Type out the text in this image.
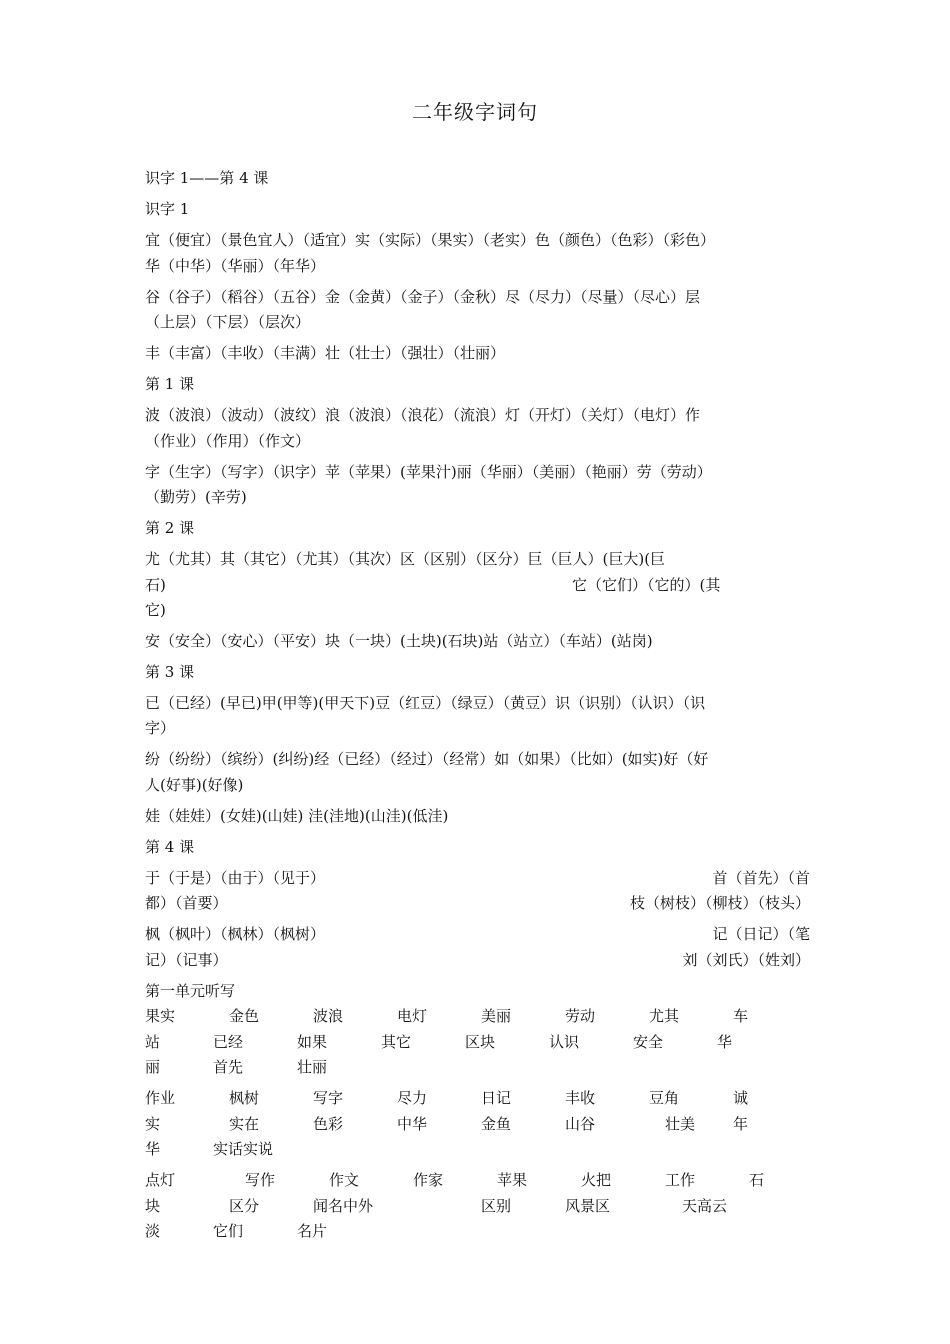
二年级字词句
识字 1——第 4 课
识字 1
宜（便宜）（景色宜人）（适宜）实（实际）（果实）（老实）色（颜色）（色彩）（彩色）
华（中华）（华丽）（年华）
谷（谷子）（稻谷）（五谷）金（金黄）（金子）（金秋）尽（尽力）（尽量）（尽心）层
（上层）（下层）（层次）
丰（丰富）（丰收）（丰满）壮（壮士）（强壮）（壮丽）
第 1 课
波（波浪）（波动）（波纹）浪（波浪）（浪花）（流浪）灯（开灯）（关灯）（电灯）作
（作业）（作用）（作文）
字（生字）（写字）（识字）苹（苹果）(苹果汁)丽（华丽）（美丽）（艳丽）劳（劳动）
（勤劳）(辛劳)
第 2 课
尤（尤其）其（其它）（尤其）（其次）区（区别）（区分）巨（巨人）(巨大)(巨
石)	它（它们）（它的）(其
它)
安（安全）（安心）（平安）块（一块）(土块)(石块)站（站立）（车站）(站岗)
第 3 课
已（已经）(早已)甲(甲等)(甲天下)豆（红豆）（绿豆）（黄豆）识（识别）（认识）（识
字）
纷（纷纷）（缤纷）(纠纷)经（已经）（经过）（经常）如（如果）（比如）(如实)好（好
人(好事)(好像)
娃（娃娃）(女娃)(山娃) 洼(洼地)(山洼)(低洼)
第 4 课
于（于是）（由于）（见于）	首（首先）（首
都）（首要）	枝（树枝）（柳枝）（枝头）
枫（枫叶）（枫林）（枫树）	记（日记）（笔
记）（记事）	刘（刘氏）（姓刘）
第一单元听写
果实	金色	波浪	电灯	美丽	劳动	尤其	车
站	已经	如果	其它	区块	认识	安全	华
丽	首先	壮丽
作业	枫树	写字	尽力	日记	丰收	豆角	诚
实	实在	色彩	中华	金鱼	山谷	壮美	年
华	实话实说
点灯	写作	作文	作家	苹果	火把	工作	石
块	区分	闻名中外	区别	风景区	天高云
淡	它们	名片
